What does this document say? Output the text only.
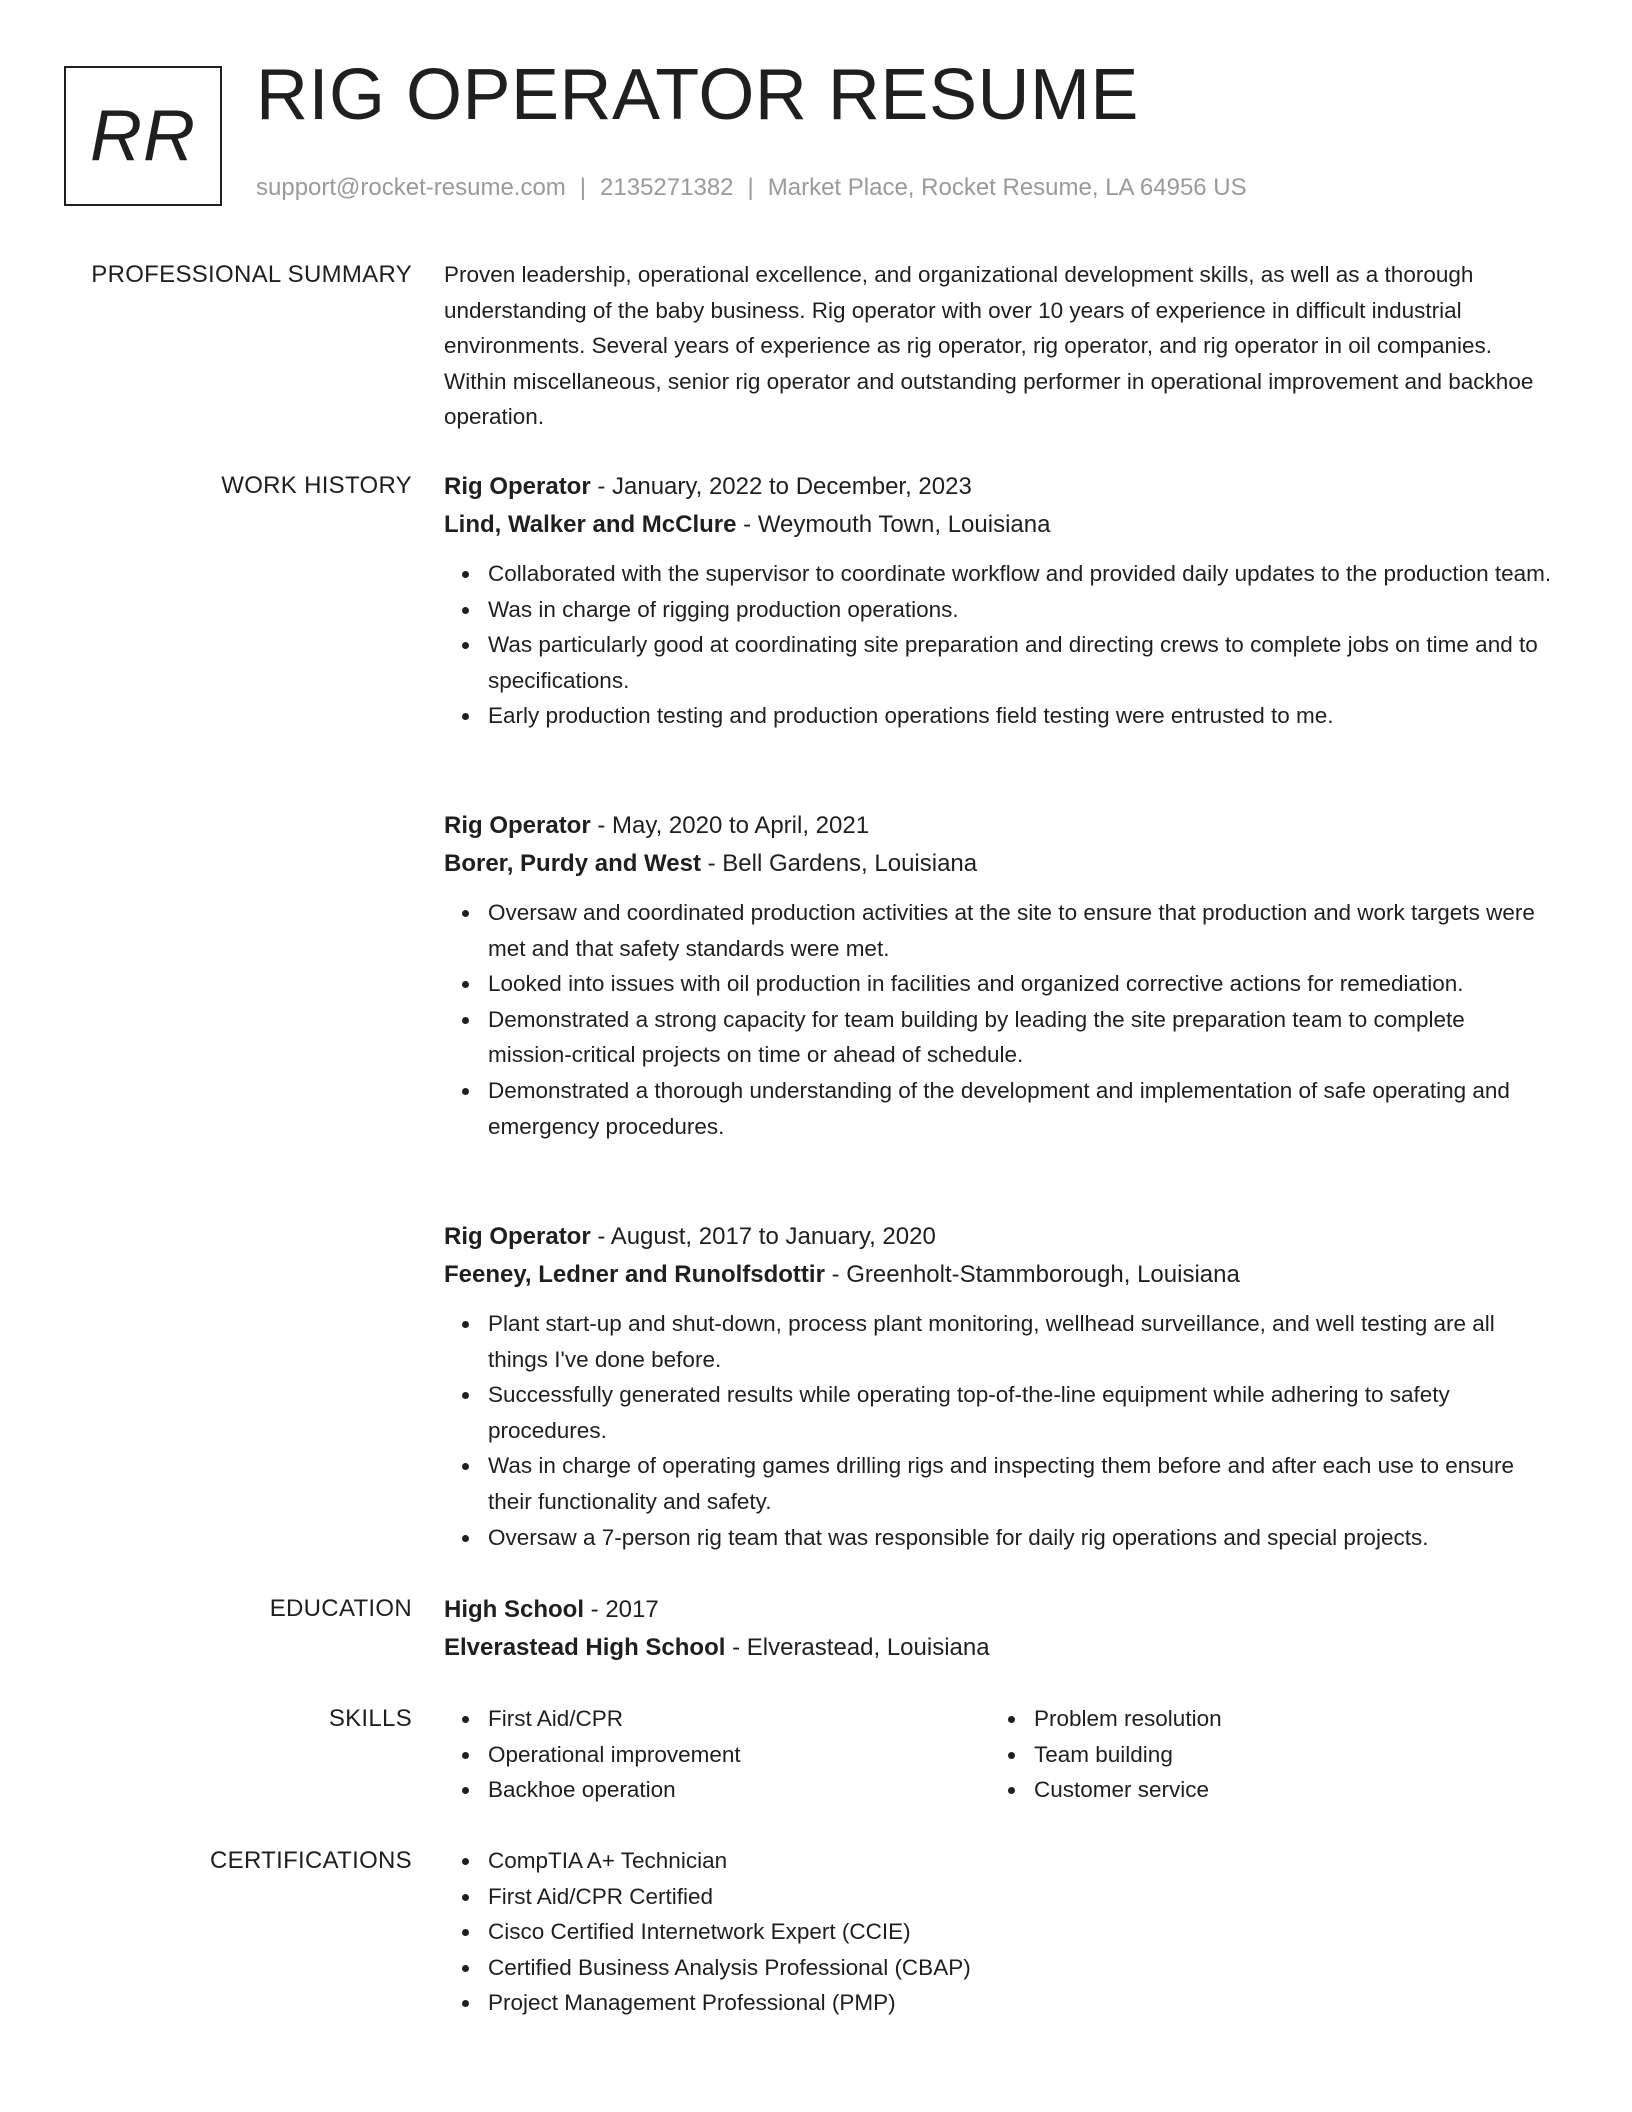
RR
RIG OPERATOR RESUME
support@rocket-resume.com | 2135271382 | Market Place, Rocket Resume, LA 64956 US
PROFESSIONAL SUMMARY Proven leadership, operational excellence, and organizational development skills, as well as a thorough understanding of the baby business. Rig operator with over 10 years of experience in difficult industrial environments. Several years of experience as rig operator, rig operator, and rig operator in oil companies. Within miscellaneous, senior rig operator and outstanding performer in operational improvement and backhoe operation.

WORK HISTORY Rig Operator - January, 2022 to December, 2023
Lind, Walker and McClure - Weymouth Town, Louisiana
Collaborated with the supervisor to coordinate workflow and provided daily updates to the production team.
Was in charge of rigging production operations.
Was particularly good at coordinating site preparation and directing crews to complete jobs on time and to specifications.
Early production testing and production operations field testing were entrusted to me.
Rig Operator - May, 2020 to April, 2021
Borer, Purdy and West - Bell Gardens, Louisiana
Oversaw and coordinated production activities at the site to ensure that production and work targets were met and that safety standards were met.
Looked into issues with oil production in facilities and organized corrective actions for remediation.
Demonstrated a strong capacity for team building by leading the site preparation team to complete mission-critical projects on time or ahead of schedule.
Demonstrated a thorough understanding of the development and implementation of safe operating and emergency procedures.
Rig Operator - August, 2017 to January, 2020
Feeney, Ledner and Runolfsdottir - Greenholt-Stammborough, Louisiana
Plant start-up and shut-down, process plant monitoring, wellhead surveillance, and well testing are all things I've done before.
Successfully generated results while operating top-of-the-line equipment while adhering to safety procedures.
Was in charge of operating games drilling rigs and inspecting them before and after each use to ensure their functionality and safety.
Oversaw a 7-person rig team that was responsible for daily rig operations and special projects.
EDUCATION High School - 2017
Elverastead High School - Elverastead, Louisiana
SKILLS	First Aid/CPR
Operational improvement
Backhoe operation
Problem resolution
Team building
Customer service
CERTIFICATIONS	CompTIA A+ Technician
First Aid/CPR Certified
Cisco Certified Internetwork Expert (CCIE)
Certified Business Analysis Professional (CBAP)
Project Management Professional (PMP)
